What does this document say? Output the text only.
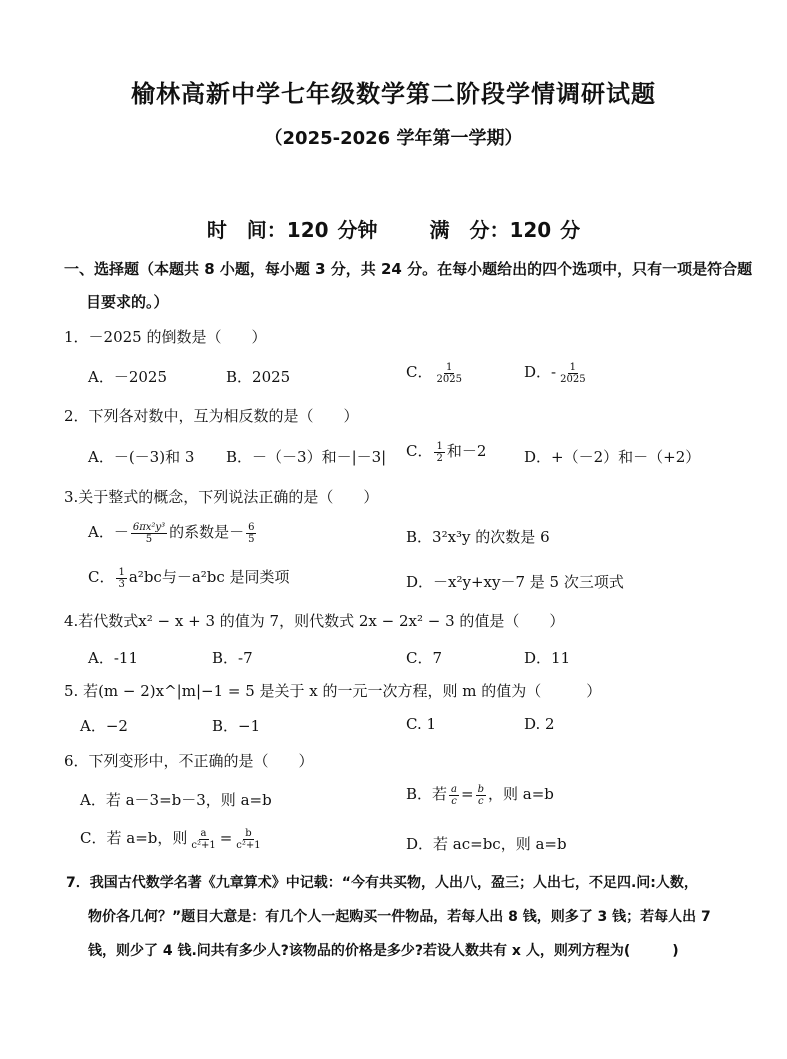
榆林高新中学七年级数学第二阶段学情调研试题
（2025-2026 学年第一学期）
时　间：120 分钟	满　分：120 分
一、选择题（本题共 8 小题，每小题 3 分，共 24 分。在每小题给出的四个选项中，只有一项是符合题
目要求的。）
1．－2025 的倒数是（　　）
A．－2025	B．2025	C． $\frac{1}{2025}$	D．- $\frac{1}{2025}$
2．下列各对数中，互为相反数的是（　　）
A．－(－3)和 3 B．－（－3）和－|－3| C． $\frac{1}{2}$ 和－2	D．+（－2）和－（+2）
3.关于整式的概念，下列说法正确的是（　　）
A．－ $\frac{\text{6πx²y³}}{5}$ 的系数是－ $\frac{6}{5}$	B．3²x³y 的次数是 6
C． $\frac{1}{3} a^2bc$与－a²bc 是同类项	D．－x²y+xy－7 是 5 次三项式
4.若代数式x² − x + 3 的值为 7，则代数式 2x − 2x² − 3 的值是（　　）
A．-11	B．-7	C．7	D．11
5. 若(m − 2)x^|m|−1 = 5 是关于 x 的一元一次方程，则 m 的值为（　　　）
A．−2	B．−1	C. 1	D. 2
6．下列变形中，不正确的是（　　）
A．若 a－3=b－3，则 a=b	B．若 $\frac{a}{c} = \frac{b}{c}$ ，则 a=b
C．若 a=b，则 $\frac{a}{\text{c²+1}} = \frac{b}{\text{c²+1}}$	D．若 ac=bc，则 a=b
7．我国古代数学名著《九章算术》中记载：“今有共买物，人出八，盈三；人出七，不足四.问:人数，
物价各几何？”题目大意是：有几个人一起购买一件物品，若每人出 8 钱，则多了 3 钱；若每人出 7
钱，则少了 4 钱.问共有多少人?该物品的价格是多少?若设人数共有 x 人，则列方程为(　　　)
